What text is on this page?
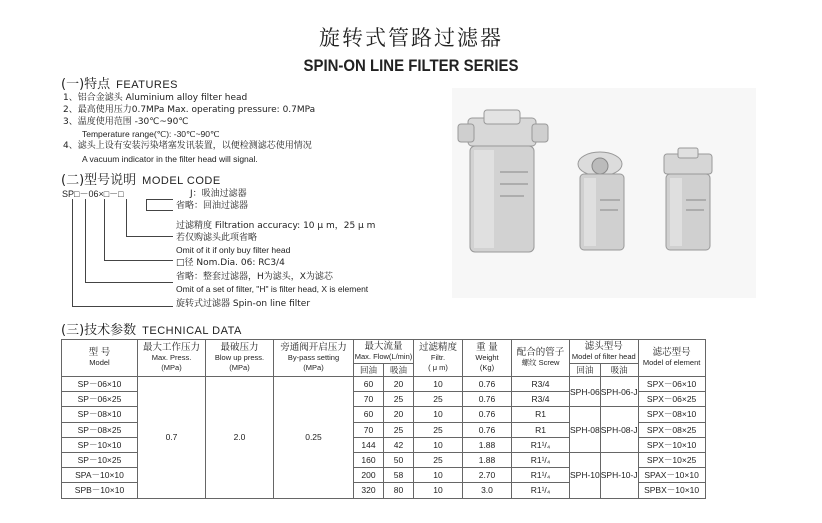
旋转式管路过滤器
SPIN-ON LINE FILTER SERIES
(一)特点 FEATURES
1、铝合金滤头 Aluminium alloy filter head
2、最高使用压力0.7MPa Max. operating pressure: 0.7MPa
3、温度使用范围 -30℃~90℃
Temperature range(℃): -30℃~90℃
4、滤头上设有安装污染堵塞发讯装置，以便检测滤芯使用情况
A vacuum indicator in the filter head will signal.
(二)型号说明 MODEL CODE
SP□－06×□－□	J：吸油过滤器
省略：回油过滤器
过滤精度 Filtration accuracy: 10 μ m，25 μ m
若仅购滤头此项省略
Omit of it if only buy filter head
□径 Nom.Dia. 06: RC3/4
省略：整套过滤器，H为滤头，X为滤芯
Omit of a set of filter, "H" is filter head, X is element
旋转式过滤器 Spin-on line filter
(三)技术参数 TECHNICAL DATA
型 号
Model	最大工作压力
Max. Press.
(MPa)	最破压力
Blow up press.
(MPa)	旁通阀开启压力
By-pass setting
(MPa)	最大流量
Max. Flow(L/min)		过滤精度
Filtr.
( μ m)	重 量
Weight
(Kg)	配合的管子
螺纹 Screw	滤头型号
Model of filter head		滤芯型号
Model of element

				回油	吸油				回油	吸油	
SP－06×10	0.7	2.0	0.25	60	20	10	0.76	R3/4	SPH-06	SPH-06-J	SPX－06×10
SP－06×25				70	25	25	0.76	R3/4			SPX－06×25
SP－08×10				60	20	10	0.76	R1	SPH-08	SPH-08-J	SPX－08×10
SP－08×25				70	25	25	0.76	R1			SPX－08×25
SP－10×10				144	42	10	1.88	R1¹/₄			SPX－10×10
SP－10×25				160	50	25	1.88	R1¹/₄	SPH-10	SPH-10-J	SPX－10×25
SPA－10×10				200	58	10	2.70	R1¹/₄			SPAX－10×10
SPB－10×10				320	80	10	3.0	R1¹/₄			SPBX－10×10
